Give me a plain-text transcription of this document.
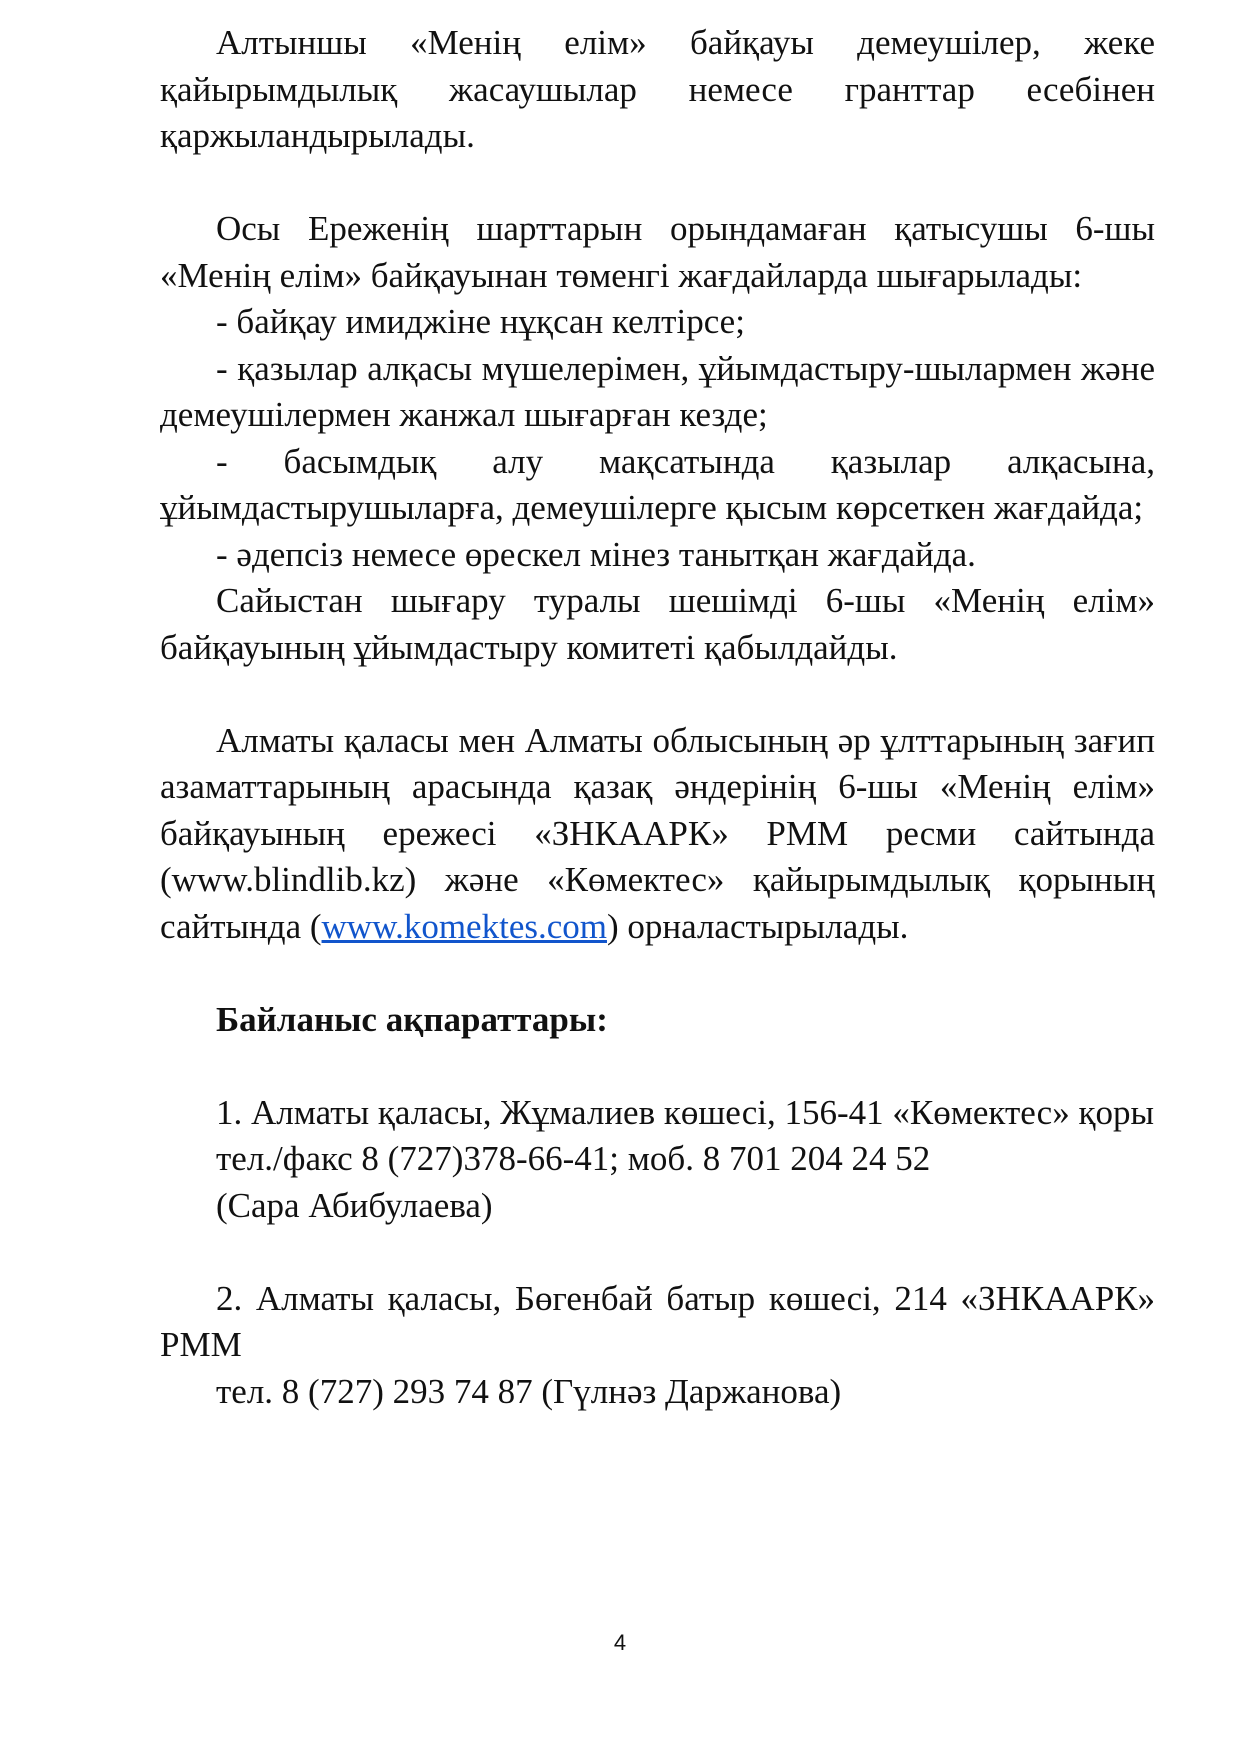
Алтыншы «Менің елім» байқауы демеушілер, жеке қайырымдылық жасаушылар немесе гранттар есебінен қаржыландырылады.

Осы Ереженің шарттарын орындамаған қатысушы 6-шы «Менің елім» байқауынан төменгі жағдайларда шығарылады:

- байқау имиджіне нұқсан келтірсе;

- қазылар алқасы мүшелерімен, ұйымдастыру-шылармен және демеушілермен жанжал шығарған кезде;

- басымдық алу мақсатында қазылар алқасына, ұйымдастырушыларға, демеушілерге қысым көрсеткен жағдайда;

- әдепсіз немесе өрескел мінез танытқан жағдайда.

Сайыстан шығару туралы шешімді 6-шы «Менің елім» байқауының ұйымдастыру комитеті қабылдайды.

Алматы қаласы мен Алматы облысының әр ұлттарының зағип азаматтарының арасында қазақ әндерінің 6-шы «Менің елім» байқауының ережесі «ЗНКААРК» РММ ресми сайтында (www.blindlib.kz) және «Көмектес» қайырымдылық қорының сайтында (www.komektes.com) орналастырылады.

Байланыс ақпараттары:

1. Алматы қаласы, Жұмалиев көшесі, 156-41 «Көмектес» қоры

тел./факс 8 (727)378-66-41; моб. 8 701 204 24 52

(Сара Абибулаева)

2. Алматы қаласы, Бөгенбай батыр көшесі, 214 «ЗНКААРК» РММ

тел. 8 (727) 293 74 87 (Гүлнәз Даржанова)

4
